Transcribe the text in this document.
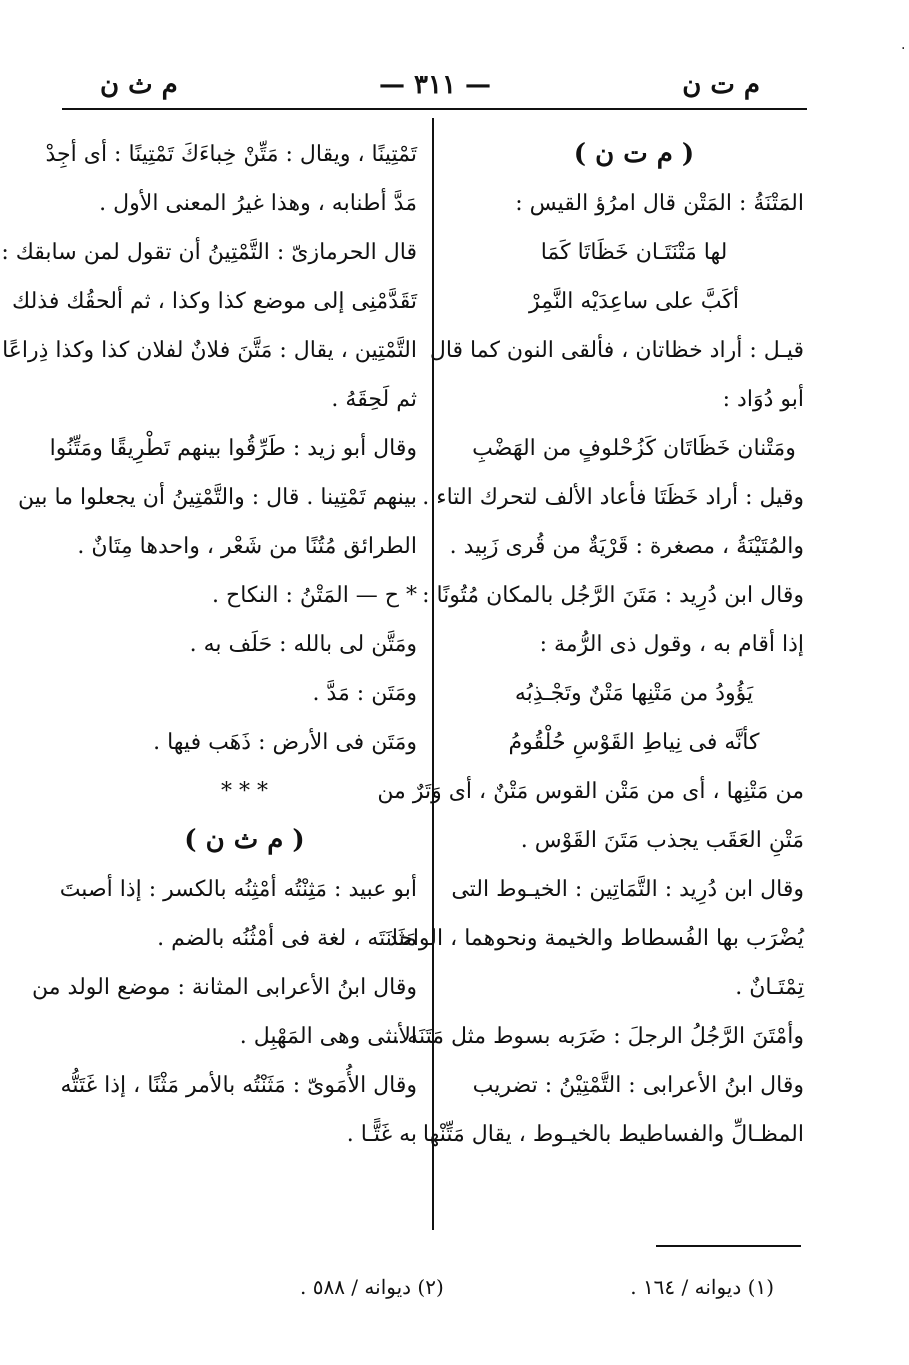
٠
م ت ن
— ٣١١ —
م ث ن
( م ت ن )
المَتْنَةُ : المَتْن قال امرُؤ القيس :
لها مَتْنَتَـان خَظَاتَا كَمَا
أكَبَّ على ساعِدَيْه النَّمِرْ
قيـل : أراد خظاتان ، فألقى النون كما قال
أبو دُوَاد :
ومَتْنان خَظَاتَان كَزُحْلوفٍ من الهَضْبِ
وقيل : أراد خَظَتَا فأعاد الألف لتحرك التاء .
والمُتَيْنَةُ ، مصغرة : قَرْيَةٌ من قُرى زَبِيد .
وقال ابن دُرِيد : مَتَنَ الرَّجُل بالمكان مُتُونًا :
إذا أقام به ، وقول ذى الرُّمة :
يَؤُودُ من مَتْنِها مَتْنٌ وتَجْـذِبُه
كأنَّه فى نِياطِ القَوْسِ حُلْقُومُ
من مَتْنِها ، أى من مَتْن القوس مَتْنٌ ، أى وَتَرٌ من
مَتْنِ العَقَب يجذب مَتَنَ القَوْس .
وقال ابن دُرِيد : التَّمَاتِين : الخيـوط التى
يُضْرَب بها الفُسطاط والخيمة ونحوهما ، الواحد
تِمْتَـانٌ .
وأمْتَنَ الرَّجُلُ الرجلَ : ضَرَبه بسوط مثل مَتَنَه .
وقال ابنُ الأعرابى : التَّمْتِيْنُ : تضريب
المظـالِّ والفساطيط بالخيـوط ، يقال مَتِّنْها
تَمْتِينًا ، ويقال : مَتِّنْ خِباءَكَ تَمْتِينًا : أى أجِدْ
مَدَّ أطنابه ، وهذا غيرُ المعنى الأول .
قال الحرمازىّ : التَّمْتِينُ أن تقول لمن سابقك :
تَقَدَّمْنِى إلى موضع كذا وكذا ، ثم ألحقُك فذلك
التَّمْتِين ، يقال : مَتَّنَ فلانٌ لفلان كذا وكذا ذِراعًا
ثم لَحِقَهُ .
وقال أبو زيد : طَرِّقُوا بينهم تَطْرِيقًا ومَتِّنُوا
بينهم تَمْتِينا . قال : والتَّمْتِينُ أن يجعلوا ما بين
الطرائق مُتُنًا من شَعْر ، واحدها مِتَانٌ .
* ح — المَتْنُ : النكاح .
ومَتَّن لى بالله : حَلَف به .
ومَتَن : مَدَّ .
ومَتَن فى الأرض : ذَهَب فيها .
* * *
( م ث ن )
أبو عبيد : مَثِنْتُه أمْثِنُه بالكسر : إذا أصبتَ
مَثَانَتَه ، لغة فى أمْثُنُه بالضم .
وقال ابنُ الأعرابى المثانة : موضع الولد من
الأنثى وهى المَهْبِل .
وقال الأُمَوىّ : مَثَنْتُه بالأمر مَثْنًا ، إذا غَتَتُّه
به غَتًّـا .
(١) ديوانه / ١٦٤ .
(٢) ديوانه / ٥٨٨ .
